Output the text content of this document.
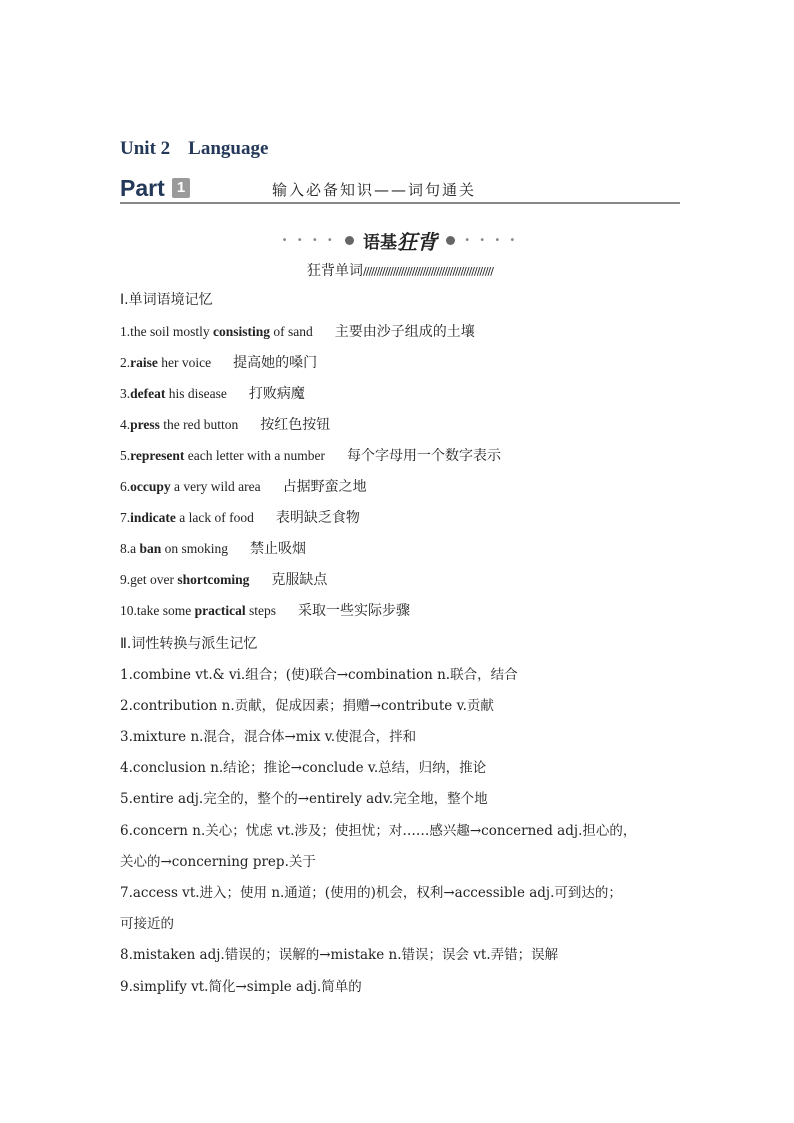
Unit 2 Language
Part 1	输入必备知识——词句通关
• • • • 语基狂背	• • • •
狂背单词////////////////////////////////////////////////
Ⅰ.单词语境记忆
1.the soil mostly consisting of sand 主要由沙子组成的土壤
2.raise her voice 提高她的嗓门
3.defeat his disease 打败病魔
4.press the red button 按红色按钮
5.represent each letter with a number 每个字母用一个数字表示
6.occupy a very wild area 占据野蛮之地
7.indicate a lack of food 表明缺乏食物
8.a ban on smoking 禁止吸烟
9.get over shortcoming 克服缺点
10.take some practical steps 采取一些实际步骤
Ⅱ.词性转换与派生记忆
1.combine vt.& vi.组合；(使)联合→combination n.联合，结合
2.contribution n.贡献，促成因素；捐赠→contribute v.贡献
3.mixture n.混合，混合体→mix v.使混合，拌和
4.conclusion n.结论；推论→conclude v.总结，归纳，推论
5.entire adj.完全的，整个的→entirely adv.完全地，整个地
6.concern n.关心；忧虑 vt.涉及；使担忧；对……感兴趣→concerned adj.担心的，
关心的→concerning prep.关于
7.access vt.进入；使用 n.通道；(使用的)机会，权利→accessible adj.可到达的；
可接近的
8.mistaken adj.错误的；误解的→mistake n.错误；误会 vt.弄错；误解
9.simplify vt.简化→simple adj.简单的
